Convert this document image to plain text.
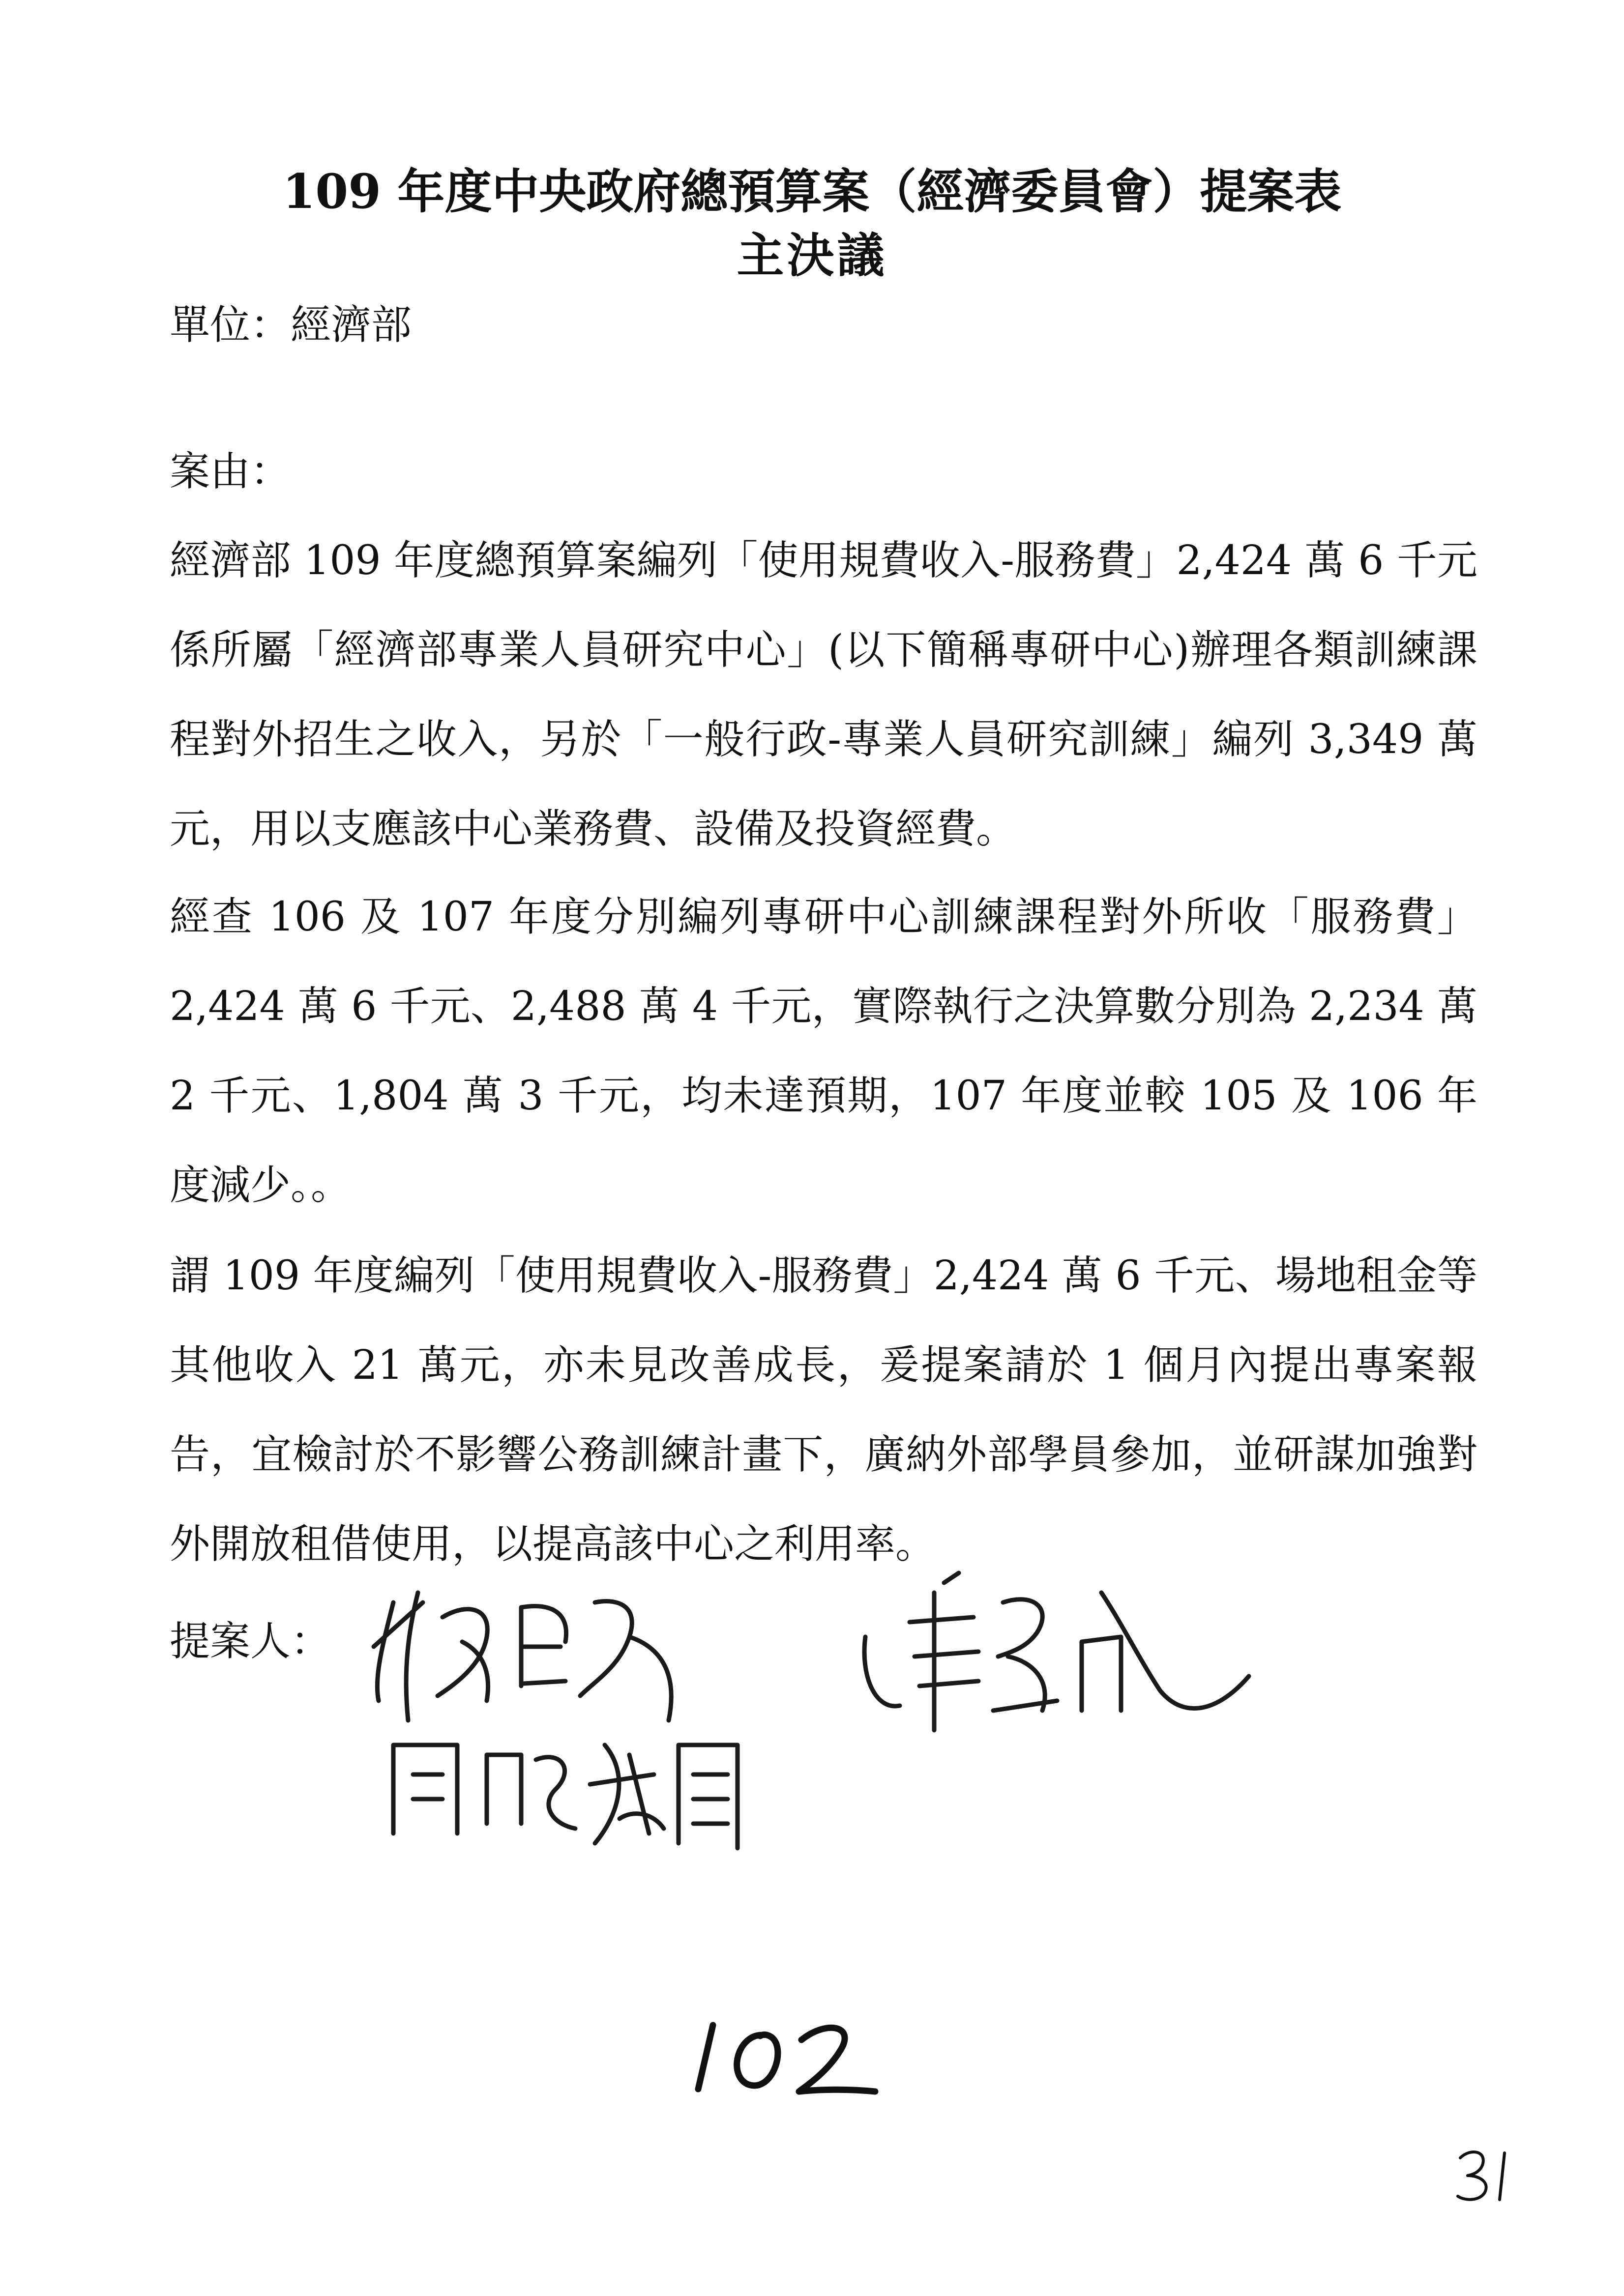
109 年度中央政府總預算案（經濟委員會）提案表
主決議

單位：經濟部

案由：

經濟部 109 年度總預算案編列「使用規費收入-服務費」2,424 萬 6 千元係所屬「經濟部專業人員研究中心」(以下簡稱專研中心)辦理各類訓練課程對外招生之收入，另於「一般行政-專業人員研究訓練」編列 3,349 萬元，用以支應該中心業務費、設備及投資經費。

經查 106 及 107 年度分別編列專研中心訓練課程對外所收「服務費」2,424 萬 6 千元、2,488 萬 4 千元，實際執行之決算數分別為 2,234 萬 2 千元、1,804 萬 3 千元，均未達預期，107 年度並較 105 及 106 年度減少。。

謂 109 年度編列「使用規費收入-服務費」2,424 萬 6 千元、場地租金等其他收入 21 萬元，亦未見改善成長，爰提案請於 1 個月內提出專案報告，宜檢討於不影響公務訓練計畫下，廣納外部學員參加，並研謀加強對外開放租借使用，以提高該中心之利用率。

提案人：
